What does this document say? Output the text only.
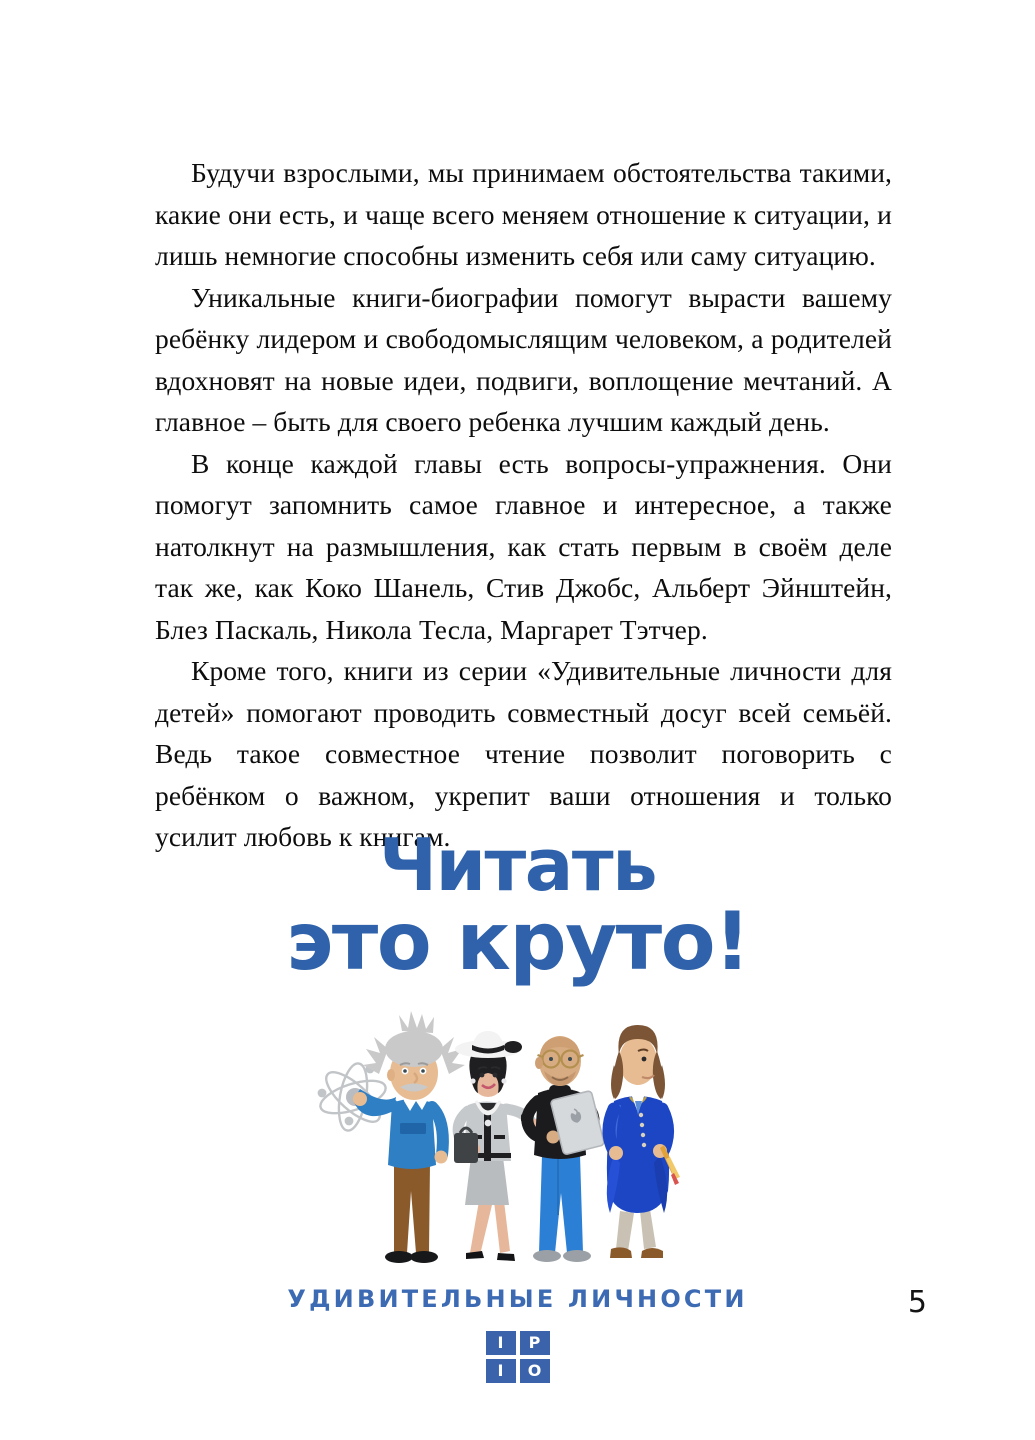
Будучи взрослыми, мы принимаем обстоятельства такими, какие они есть, и чаще всего меняем отношение к ситуации, и лишь немногие способны изменить себя или саму ситуацию.

Уникальные книги-биографии помогут вырасти вашему ребёнку лидером и свободомыслящим человеком, а родителей вдохновят на новые идеи, подвиги, воплощение мечтаний. А главное – быть для своего ребенка лучшим каждый день.

В конце каждой главы есть вопросы-упражнения. Они помогут запомнить самое главное и интересное, а также натолкнут на размышления, как стать первым в своём деле так же, как Коко Шанель, Стив Джобс, Альберт Эйнштейн, Блез Паскаль, Никола Тесла, Маргарет Тэтчер.

Кроме того, книги из серии «Удивительные личности для детей» помогают проводить совместный досуг всей семьёй. Ведь такое совместное чтение позволит поговорить с ребёнком о важном, укрепит ваши отношения и только усилит любовь к книгам.

Читать
это круто!

УДИВИТЕЛЬНЫЕ ЛИЧНОСТИ

І	Р
І	О
5
